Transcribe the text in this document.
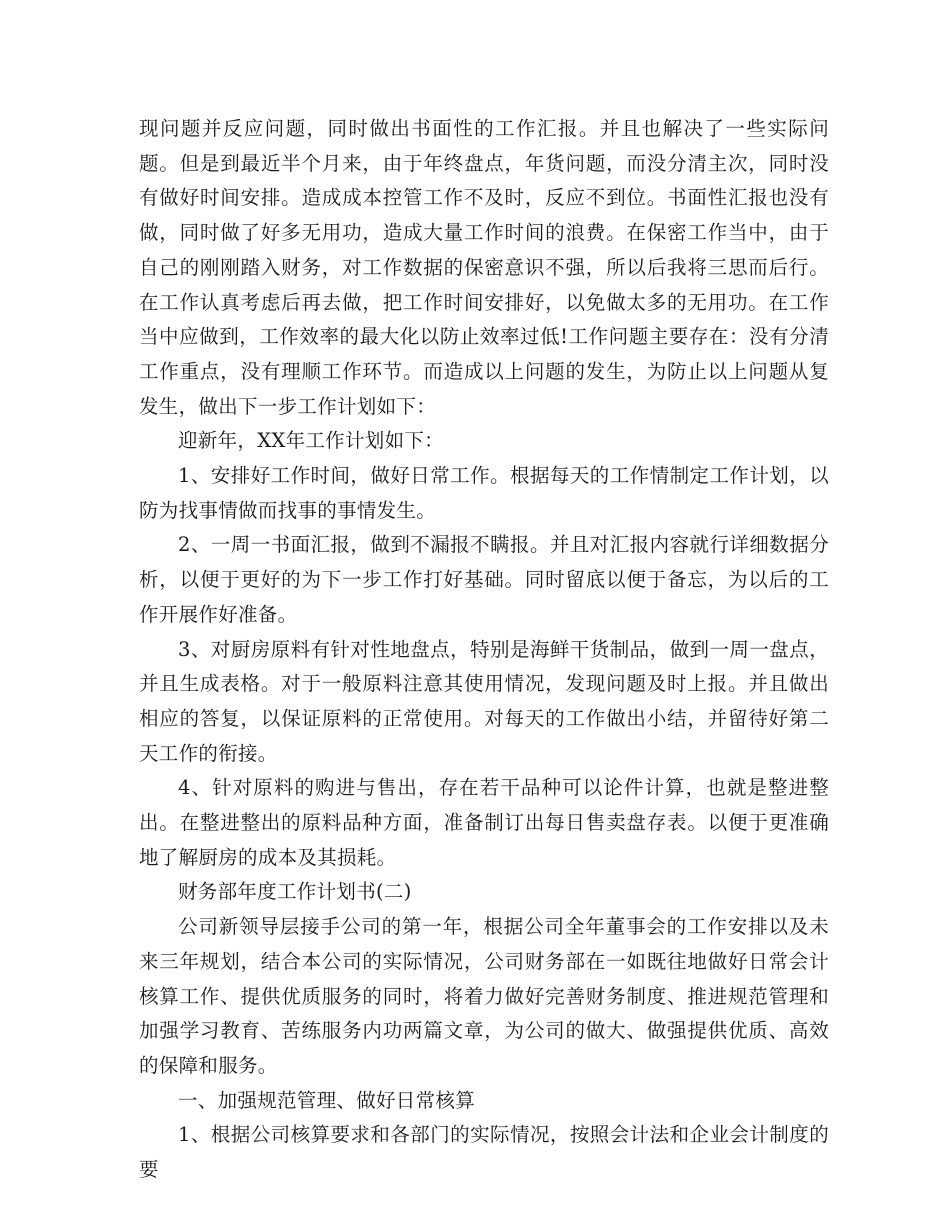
现问题并反应问题，同时做出书面性的工作汇报。并且也解决了一些实际问题。但是到最近半个月来，由于年终盘点，年货问题，而没分清主次，同时没有做好时间安排。造成成本控管工作不及时，反应不到位。书面性汇报也没有做，同时做了好多无用功，造成大量工作时间的浪费。在保密工作当中，由于自己的刚刚踏入财务，对工作数据的保密意识不强，所以后我将三思而后行。在工作认真考虑后再去做，把工作时间安排好，以免做太多的无用功。在工作当中应做到，工作效率的最大化以防止效率过低!工作问题主要存在：没有分清工作重点，没有理顺工作环节。而造成以上问题的发生，为防止以上问题从复发生，做出下一步工作计划如下：

迎新年，XX年工作计划如下：

1、安排好工作时间，做好日常工作。根据每天的工作情制定工作计划，以防为找事情做而找事的事情发生。

2、一周一书面汇报，做到不漏报不瞒报。并且对汇报内容就行详细数据分析，以便于更好的为下一步工作打好基础。同时留底以便于备忘，为以后的工作开展作好准备。

3、对厨房原料有针对性地盘点，特别是海鲜干货制品，做到一周一盘点，并且生成表格。对于一般原料注意其使用情况，发现问题及时上报。并且做出相应的答复，以保证原料的正常使用。对每天的工作做出小结，并留待好第二天工作的衔接。

4、针对原料的购进与售出，存在若干品种可以论件计算，也就是整进整出。在整进整出的原料品种方面，准备制订出每日售卖盘存表。以便于更准确地了解厨房的成本及其损耗。

财务部年度工作计划书(二)

公司新领导层接手公司的第一年，根据公司全年董事会的工作安排以及未来三年规划，结合本公司的实际情况，公司财务部在一如既往地做好日常会计核算工作、提供优质服务的同时，将着力做好完善财务制度、推进规范管理和加强学习教育、苦练服务内功两篇文章，为公司的做大、做强提供优质、高效的保障和服务。

一、加强规范管理、做好日常核算

1、根据公司核算要求和各部门的实际情况，按照会计法和企业会计制度的要
